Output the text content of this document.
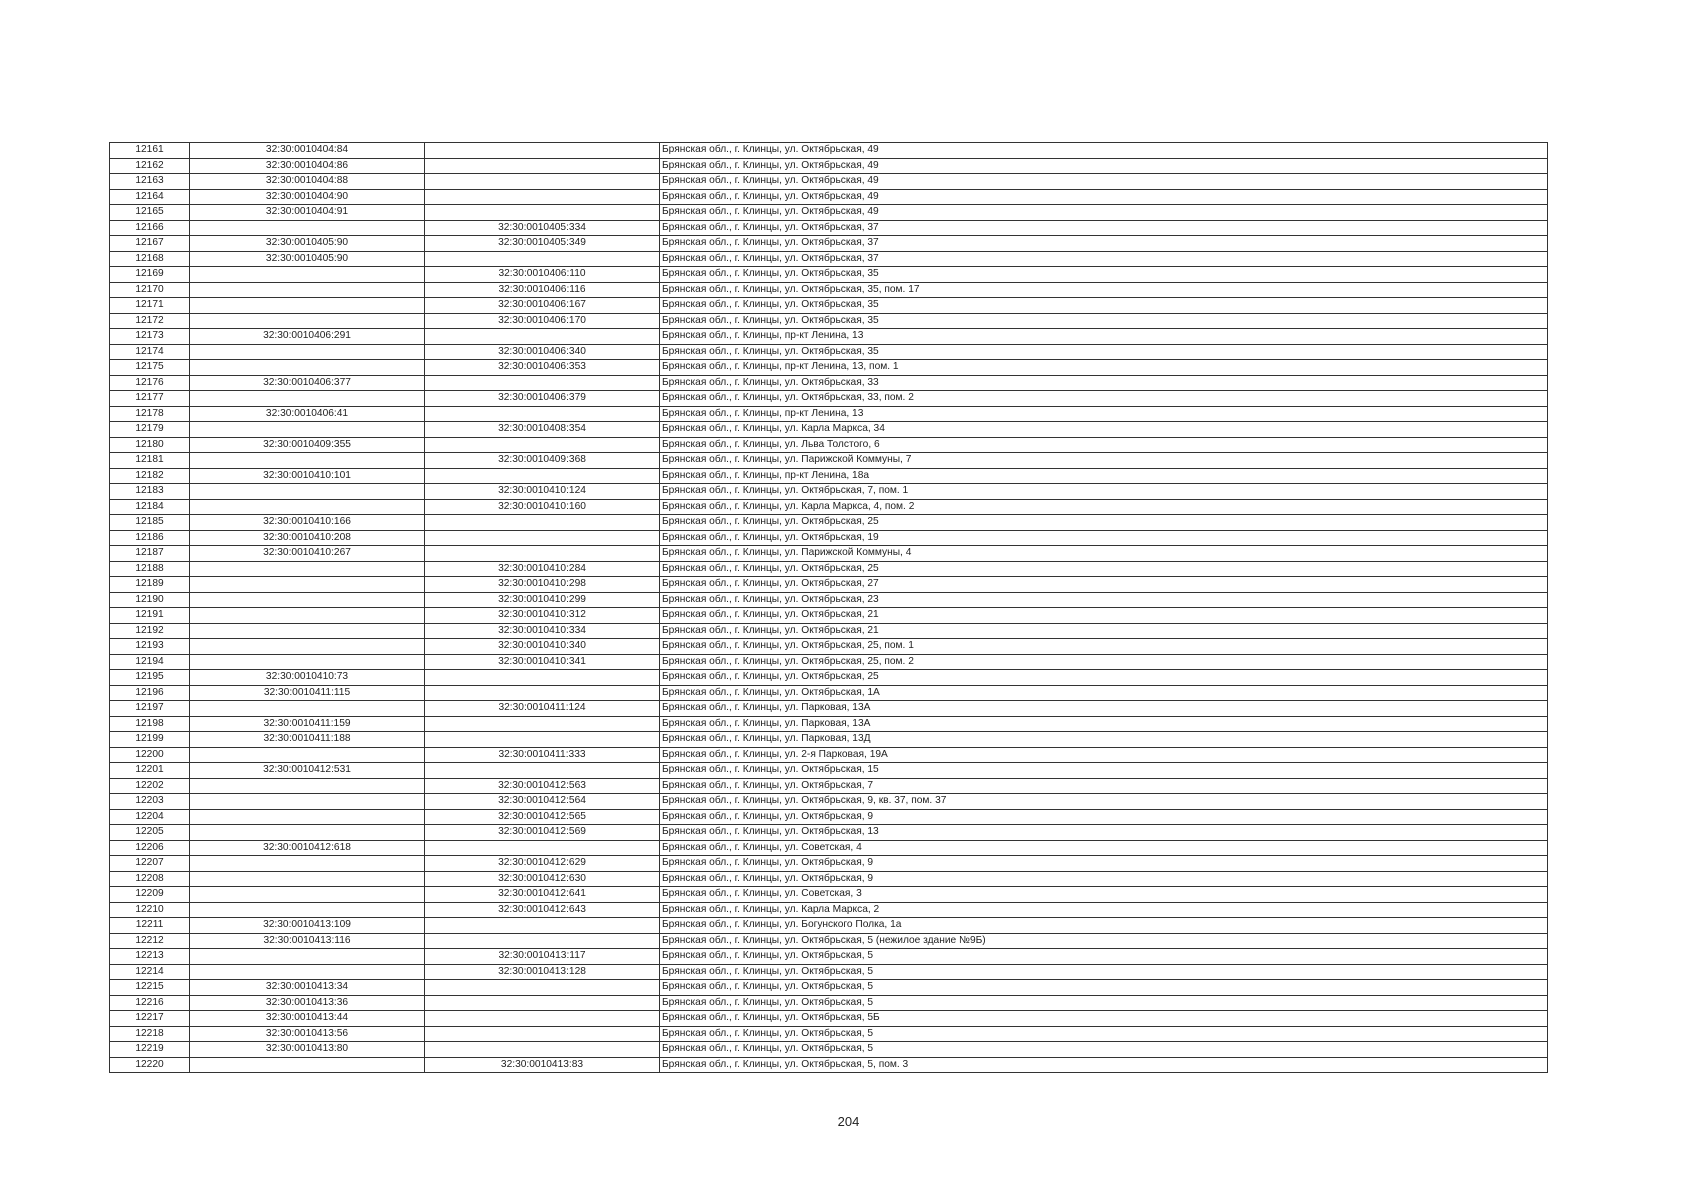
12161	32:30:0010404:84		Брянская обл., г. Клинцы, ул. Октябрьская, 49
12162	32:30:0010404:86		Брянская обл., г. Клинцы, ул. Октябрьская, 49
12163	32:30:0010404:88		Брянская обл., г. Клинцы, ул. Октябрьская, 49
12164	32:30:0010404:90		Брянская обл., г. Клинцы, ул. Октябрьская, 49
12165	32:30:0010404:91		Брянская обл., г. Клинцы, ул. Октябрьская, 49
12166		32:30:0010405:334	Брянская обл., г. Клинцы, ул. Октябрьская, 37
12167	32:30:0010405:90	32:30:0010405:349	Брянская обл., г. Клинцы, ул. Октябрьская, 37
12168	32:30:0010405:90		Брянская обл., г. Клинцы, ул. Октябрьская, 37
12169		32:30:0010406:110	Брянская обл., г. Клинцы, ул. Октябрьская, 35
12170		32:30:0010406:116	Брянская обл., г. Клинцы, ул. Октябрьская, 35, пом. 17
12171		32:30:0010406:167	Брянская обл., г. Клинцы, ул. Октябрьская, 35
12172		32:30:0010406:170	Брянская обл., г. Клинцы, ул. Октябрьская, 35
12173	32:30:0010406:291		Брянская обл., г. Клинцы, пр-кт Ленина, 13
12174		32:30:0010406:340	Брянская обл., г. Клинцы, ул. Октябрьская, 35
12175		32:30:0010406:353	Брянская обл., г. Клинцы, пр-кт Ленина, 13, пом. 1
12176	32:30:0010406:377		Брянская обл., г. Клинцы, ул. Октябрьская, 33
12177		32:30:0010406:379	Брянская обл., г. Клинцы, ул. Октябрьская, 33, пом. 2
12178	32:30:0010406:41		Брянская обл., г. Клинцы, пр-кт Ленина, 13
12179		32:30:0010408:354	Брянская обл., г. Клинцы, ул. Карла Маркса, 34
12180	32:30:0010409:355		Брянская обл., г. Клинцы, ул. Льва Толстого, 6
12181		32:30:0010409:368	Брянская обл., г. Клинцы, ул. Парижской Коммуны, 7
12182	32:30:0010410:101		Брянская обл., г. Клинцы, пр-кт Ленина, 18а
12183		32:30:0010410:124	Брянская обл., г. Клинцы, ул. Октябрьская, 7, пом. 1
12184		32:30:0010410:160	Брянская обл., г. Клинцы, ул. Карла Маркса, 4, пом. 2
12185	32:30:0010410:166		Брянская обл., г. Клинцы, ул. Октябрьская, 25
12186	32:30:0010410:208		Брянская обл., г. Клинцы, ул. Октябрьская, 19
12187	32:30:0010410:267		Брянская обл., г. Клинцы, ул. Парижской Коммуны, 4
12188		32:30:0010410:284	Брянская обл., г. Клинцы, ул. Октябрьская, 25
12189		32:30:0010410:298	Брянская обл., г. Клинцы, ул. Октябрьская, 27
12190		32:30:0010410:299	Брянская обл., г. Клинцы, ул. Октябрьская, 23
12191		32:30:0010410:312	Брянская обл., г. Клинцы, ул. Октябрьская, 21
12192		32:30:0010410:334	Брянская обл., г. Клинцы, ул. Октябрьская, 21
12193		32:30:0010410:340	Брянская обл., г. Клинцы, ул. Октябрьская, 25, пом. 1
12194		32:30:0010410:341	Брянская обл., г. Клинцы, ул. Октябрьская, 25, пом. 2
12195	32:30:0010410:73		Брянская обл., г. Клинцы, ул. Октябрьская, 25
12196	32:30:0010411:115		Брянская обл., г. Клинцы, ул. Октябрьская, 1А
12197		32:30:0010411:124	Брянская обл., г. Клинцы, ул. Парковая, 13А
12198	32:30:0010411:159		Брянская обл., г. Клинцы, ул. Парковая, 13А
12199	32:30:0010411:188		Брянская обл., г. Клинцы, ул. Парковая, 13Д
12200		32:30:0010411:333	Брянская обл., г. Клинцы, ул. 2-я Парковая, 19А
12201	32:30:0010412:531		Брянская обл., г. Клинцы, ул. Октябрьская, 15
12202		32:30:0010412:563	Брянская обл., г. Клинцы, ул. Октябрьская, 7
12203		32:30:0010412:564	Брянская обл., г. Клинцы, ул. Октябрьская, 9, кв. 37, пом. 37
12204		32:30:0010412:565	Брянская обл., г. Клинцы, ул. Октябрьская, 9
12205		32:30:0010412:569	Брянская обл., г. Клинцы, ул. Октябрьская, 13
12206	32:30:0010412:618		Брянская обл., г. Клинцы, ул. Советская, 4
12207		32:30:0010412:629	Брянская обл., г. Клинцы, ул. Октябрьская, 9
12208		32:30:0010412:630	Брянская обл., г. Клинцы, ул. Октябрьская, 9
12209		32:30:0010412:641	Брянская обл., г. Клинцы, ул. Советская, 3
12210		32:30:0010412:643	Брянская обл., г. Клинцы, ул. Карла Маркса, 2
12211	32:30:0010413:109		Брянская обл., г. Клинцы, ул. Богунского Полка, 1а
12212	32:30:0010413:116		Брянская обл., г. Клинцы, ул. Октябрьская, 5 (нежилое здание №9Б)
12213		32:30:0010413:117	Брянская обл., г. Клинцы, ул. Октябрьская, 5
12214		32:30:0010413:128	Брянская обл., г. Клинцы, ул. Октябрьская, 5
12215	32:30:0010413:34		Брянская обл., г. Клинцы, ул. Октябрьская, 5
12216	32:30:0010413:36		Брянская обл., г. Клинцы, ул. Октябрьская, 5
12217	32:30:0010413:44		Брянская обл., г. Клинцы, ул. Октябрьская, 5Б
12218	32:30:0010413:56		Брянская обл., г. Клинцы, ул. Октябрьская, 5
12219	32:30:0010413:80		Брянская обл., г. Клинцы, ул. Октябрьская, 5
12220		32:30:0010413:83	Брянская обл., г. Клинцы, ул. Октябрьская, 5, пом. 3
204
